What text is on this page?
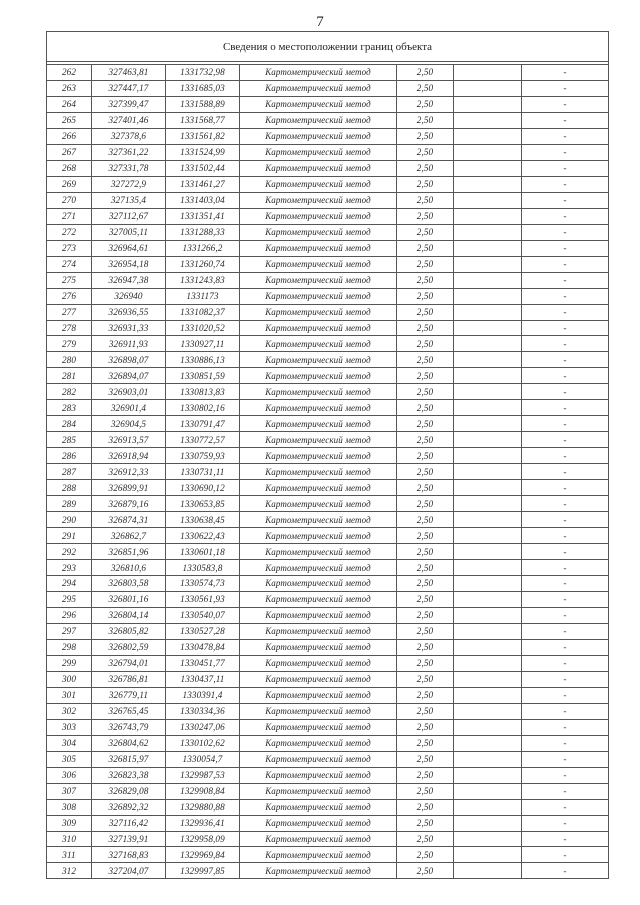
7
Сведения о местоположении границ объекта						

262	327463,81	1331732,98	Картометрический метод	2,50		-
263	327447,17	1331685,03	Картометрический метод	2,50		-
264	327399,47	1331588,89	Картометрический метод	2,50		-
265	327401,46	1331568,77	Картометрический метод	2,50		-
266	327378,6	1331561,82	Картометрический метод	2,50		-
267	327361,22	1331524,99	Картометрический метод	2,50		-
268	327331,78	1331502,44	Картометрический метод	2,50		-
269	327272,9	1331461,27	Картометрический метод	2,50		-
270	327135,4	1331403,04	Картометрический метод	2,50		-
271	327112,67	1331351,41	Картометрический метод	2,50		-
272	327005,11	1331288,33	Картометрический метод	2,50		-
273	326964,61	1331266,2	Картометрический метод	2,50		-
274	326954,18	1331260,74	Картометрический метод	2,50		-
275	326947,38	1331243,83	Картометрический метод	2,50		-
276	326940	1331173	Картометрический метод	2,50		-
277	326936,55	1331082,37	Картометрический метод	2,50		-
278	326931,33	1331020,52	Картометрический метод	2,50		-
279	326911,93	1330927,11	Картометрический метод	2,50		-
280	326898,07	1330886,13	Картометрический метод	2,50		-
281	326894,07	1330851,59	Картометрический метод	2,50		-
282	326903,01	1330813,83	Картометрический метод	2,50		-
283	326901,4	1330802,16	Картометрический метод	2,50		-
284	326904,5	1330791,47	Картометрический метод	2,50		-
285	326913,57	1330772,57	Картометрический метод	2,50		-
286	326918,94	1330759,93	Картометрический метод	2,50		-
287	326912,33	1330731,11	Картометрический метод	2,50		-
288	326899,91	1330690,12	Картометрический метод	2,50		-
289	326879,16	1330653,85	Картометрический метод	2,50		-
290	326874,31	1330638,45	Картометрический метод	2,50		-
291	326862,7	1330622,43	Картометрический метод	2,50		-
292	326851,96	1330601,18	Картометрический метод	2,50		-
293	326810,6	1330583,8	Картометрический метод	2,50		-
294	326803,58	1330574,73	Картометрический метод	2,50		-
295	326801,16	1330561,93	Картометрический метод	2,50		-
296	326804,14	1330540,07	Картометрический метод	2,50		-
297	326805,82	1330527,28	Картометрический метод	2,50		-
298	326802,59	1330478,84	Картометрический метод	2,50		-
299	326794,01	1330451,77	Картометрический метод	2,50		-
300	326786,81	1330437,11	Картометрический метод	2,50		-
301	326779,11	1330391,4	Картометрический метод	2,50		-
302	326765,45	1330334,36	Картометрический метод	2,50		-
303	326743,79	1330247,06	Картометрический метод	2,50		-
304	326804,62	1330102,62	Картометрический метод	2,50		-
305	326815,97	1330054,7	Картометрический метод	2,50		-
306	326823,38	1329987,53	Картометрический метод	2,50		-
307	326829,08	1329908,84	Картометрический метод	2,50		-
308	326892,32	1329880,88	Картометрический метод	2,50		-
309	327116,42	1329936,41	Картометрический метод	2,50		-
310	327139,91	1329958,09	Картометрический метод	2,50		-
311	327168,83	1329969,84	Картометрический метод	2,50		-
312	327204,07	1329997,85	Картометрический метод	2,50		-
